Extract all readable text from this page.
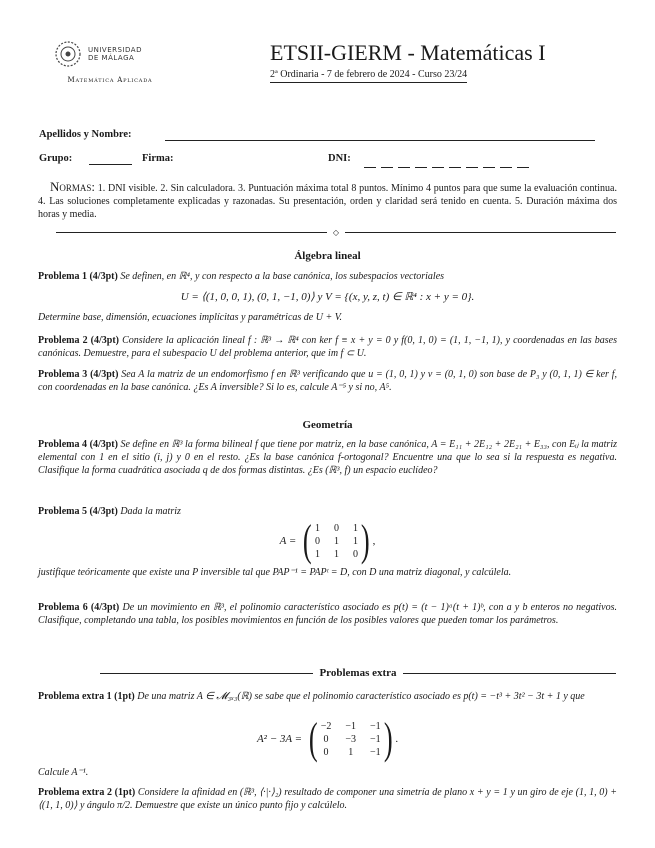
UNIVERSIDAD
DE MÁLAGA
Matemática Aplicada
ETSII-GIERM - Matemáticas I
2ª Ordinaria - 7 de febrero de 2024 - Curso 23/24
Apellidos y Nombre:
Grupo:	Firma:	DNI:
Normas: 1. DNI visible. 2. Sin calculadora. 3. Puntuación máxima total 8 puntos. Mínimo 4 puntos para que sume la evaluación continua. 4. Las soluciones completamente explicadas y razonadas. Su presentación, orden y claridad será tenido en cuenta. 5. Duración máxima dos horas y media.
◇
Álgebra lineal
Problema 1 (4/3pt) Se definen, en ℝ⁴, y con respecto a la base canónica, los subespacios vectoriales
U = ⟨(1, 0, 0, 1), (0, 1, −1, 0)⟩ y V = {(x, y, z, t) ∈ ℝ⁴ : x + y = 0}.
Determine base, dimensión, ecuaciones implícitas y paramétricas de U + V.
Problema 2 (4/3pt) Considere la aplicación lineal f : ℝ³ → ℝ⁴ con ker f ≡ x + y = 0 y f(0, 1, 0) = (1, 1, −1, 1), y coordenadas en las bases canónicas. Demuestre, para el subespacio U del problema anterior, que im f ⊂ U.
Problema 3 (4/3pt) Sea A la matriz de un endomorfismo f en ℝ³ verificando que u = (1, 0, 1) y v = (0, 1, 0) son base de P₃ y (0, 1, 1) ∈ ker f, con coordenadas en la base canónica. ¿Es A inversible? Si lo es, calcule A⁻⁵ y si no, A⁵.
Geometría
Problema 4 (4/3pt) Se define en ℝ³ la forma bilineal f que tiene por matriz, en la base canónica, A = E₁₁ + 2E₁₂ + 2E₂₁ + E₃₃, con Eᵢⱼ la matriz elemental con 1 en el sitio (i, j) y 0 en el resto. ¿Es la base canónica f-ortogonal? Encuentre una que lo sea si la respuesta es negativa. Clasifique la forma cuadrática asociada q de dos formas distintas. ¿Es (ℝ³, f) un espacio euclídeo?
Problema 5 (4/3pt) Dada la matriz
A = ( 1 0 1
0 1 1
1 1 0 ) ,
justifique teóricamente que existe una P inversible tal que PAP⁻¹ = PAPᵗ = D, con D una matriz diagonal, y calcúlela.
Problema 6 (4/3pt) De un movimiento en ℝ³, el polinomio característico asociado es p(t) = (t − 1)ᵃ(t + 1)ᵇ, con a y b enteros no negativos. Clasifique, completando una tabla, los posibles movimientos en función de los posibles valores que pueden tomar los parámetros.
Problemas extra
Problema extra 1 (1pt) De una matriz A ∈ 𝓜₃ₓ₃(ℝ) se sabe que el polinomio característico asociado es p(t) = −t³ + 3t² − 3t + 1 y que
A² − 3A = ( −2 −1 −1
0 −3 −1
0 1 −1 ) .
Calcule A⁻¹.
Problema extra 2 (1pt) Considere la afinidad en (ℝ³, ⟨·|·⟩₂) resultado de componer una simetría de plano x + y = 1 y un giro de eje (1, 1, 0) + ⟨(1, 1, 0)⟩ y ángulo π/2. Demuestre que existe un único punto fijo y calcúlelo.
